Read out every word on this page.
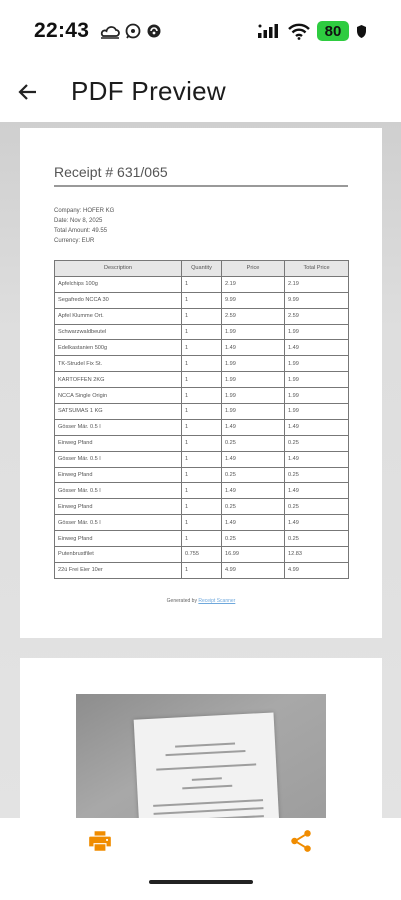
22:43	80
PDF Preview
Receipt # 631/065
Company: HOFER KG
Date: Nov 8, 2025
Total Amount: 49.55
Currency: EUR
Description	Quantity	Price	Total Price
Apfelchips 100g	1	2.19	2.19
Segafredo NCCA 30	1	9.99	9.99
Apfel Klumme Ort.	1	2.59	2.59
Schwarzwaldbeutel	1	1.99	1.99
Edelkastanien 500g	1	1.49	1.49
TK-Strudel Fix St.	1	1.99	1.99
KARTOFFEN 2KG	1	1.99	1.99
NCCA Single Origin	1	1.99	1.99
SATSUMAS 1 KG	1	1.99	1.99
Gösser Mär. 0.5 l	1	1.49	1.49
Einweg Pfand	1	0.25	0.25
Gösser Mär. 0.5 l	1	1.49	1.49
Einweg Pfand	1	0.25	0.25
Gösser Mär. 0.5 l	1	1.49	1.49
Einweg Pfand	1	0.25	0.25
Gösser Mär. 0.5 l	1	1.49	1.49
Einweg Pfand	1	0.25	0.25
Putenbrustfilet	0.755	16.99	12.83
22ü Frei Eier 10er	1	4.99	4.99
Generated by Receipt Scanner
